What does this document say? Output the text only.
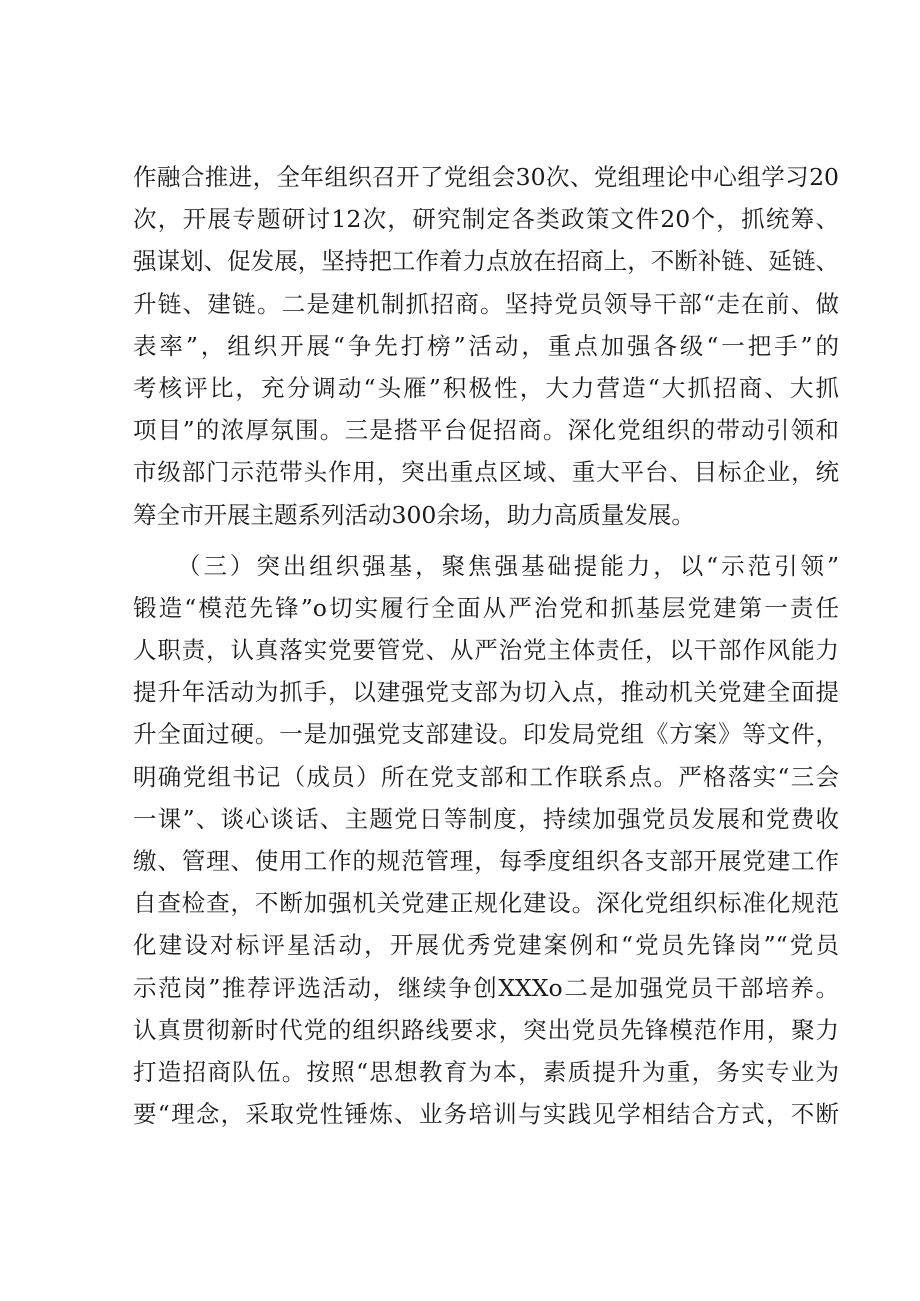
作融合推进，全年组织召开了党组会30次、党组理论中心组学习20
次，开展专题研讨12次，研究制定各类政策文件20个，抓统筹、
强谋划、促发展，坚持把工作着力点放在招商上，不断补链、延链、
升链、建链。二是建机制抓招商。坚持党员领导干部“走在前、做
表率”，组织开展“争先打榜”活动，重点加强各级“一把手”的
考核评比，充分调动“头雁”积极性，大力营造“大抓招商、大抓
项目”的浓厚氛围。三是搭平台促招商。深化党组织的带动引领和
市级部门示范带头作用，突出重点区域、重大平台、目标企业，统
筹全市开展主题系列活动300余场，助力高质量发展。
（三）突出组织强基，聚焦强基础提能力，以“示范引领”
锻造“模范先锋”o切实履行全面从严治党和抓基层党建第一责任
人职责，认真落实党要管党、从严治党主体责任，以干部作风能力
提升年活动为抓手，以建强党支部为切入点，推动机关党建全面提
升全面过硬。一是加强党支部建设。印发局党组《方案》等文件，
明确党组书记（成员）所在党支部和工作联系点。严格落实“三会
一课”、谈心谈话、主题党日等制度，持续加强党员发展和党费收
缴、管理、使用工作的规范管理，每季度组织各支部开展党建工作
自查检查，不断加强机关党建正规化建设。深化党组织标准化规范
化建设对标评星活动，开展优秀党建案例和“党员先锋岗”“党员
示范岗”推荐评选活动，继续争创XXXo二是加强党员干部培养。
认真贯彻新时代党的组织路线要求，突出党员先锋模范作用，聚力
打造招商队伍。按照“思想教育为本，素质提升为重，务实专业为
要“理念，采取党性锤炼、业务培训与实践见学相结合方式，不断
